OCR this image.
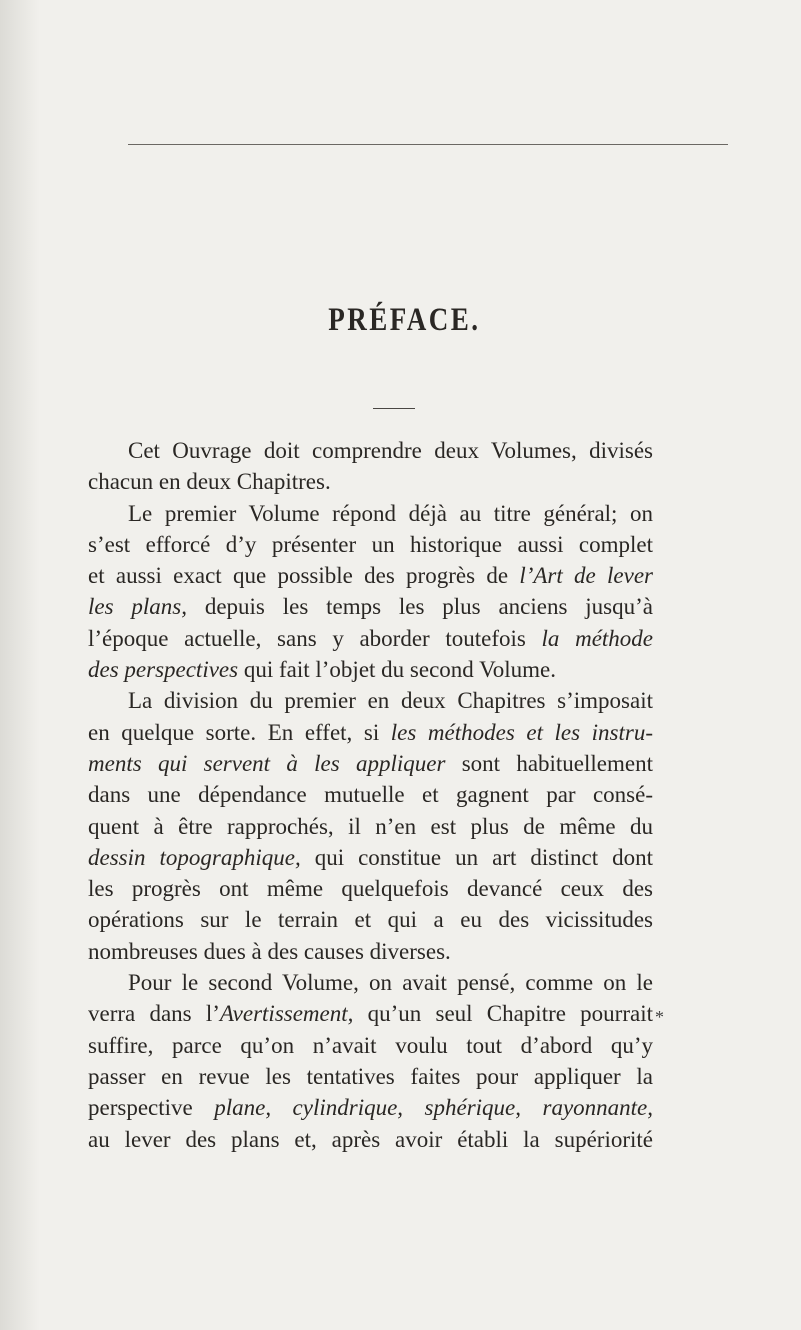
PRÉFACE.
Cet Ouvrage doit comprendre deux Volumes, divisés
chacun en deux Chapitres.
Le premier Volume répond déjà au titre général; on
s’est efforcé d’y présenter un historique aussi complet
et aussi exact que possible des progrès de l’Art de lever
les plans, depuis les temps les plus anciens jusqu’à
l’époque actuelle, sans y aborder toutefois la méthode
des perspectives qui fait l’objet du second Volume.
La division du premier en deux Chapitres s’imposait
en quelque sorte. En effet, si les méthodes et les instru-
ments qui servent à les appliquer sont habituellement
dans une dépendance mutuelle et gagnent par consé-
quent à être rapprochés, il n’en est plus de même du
dessin topographique, qui constitue un art distinct dont
les progrès ont même quelquefois devancé ceux des
opérations sur le terrain et qui a eu des vicissitudes
nombreuses dues à des causes diverses.
Pour le second Volume, on avait pensé, comme on le
verra dans l’Avertissement, qu’un seul Chapitre pourrait
suffire, parce qu’on n’avait voulu tout d’abord qu’y
passer en revue les tentatives faites pour appliquer la
perspective plane, cylindrique, sphérique, rayonnante,
au lever des plans et, après avoir établi la supériorité
*
